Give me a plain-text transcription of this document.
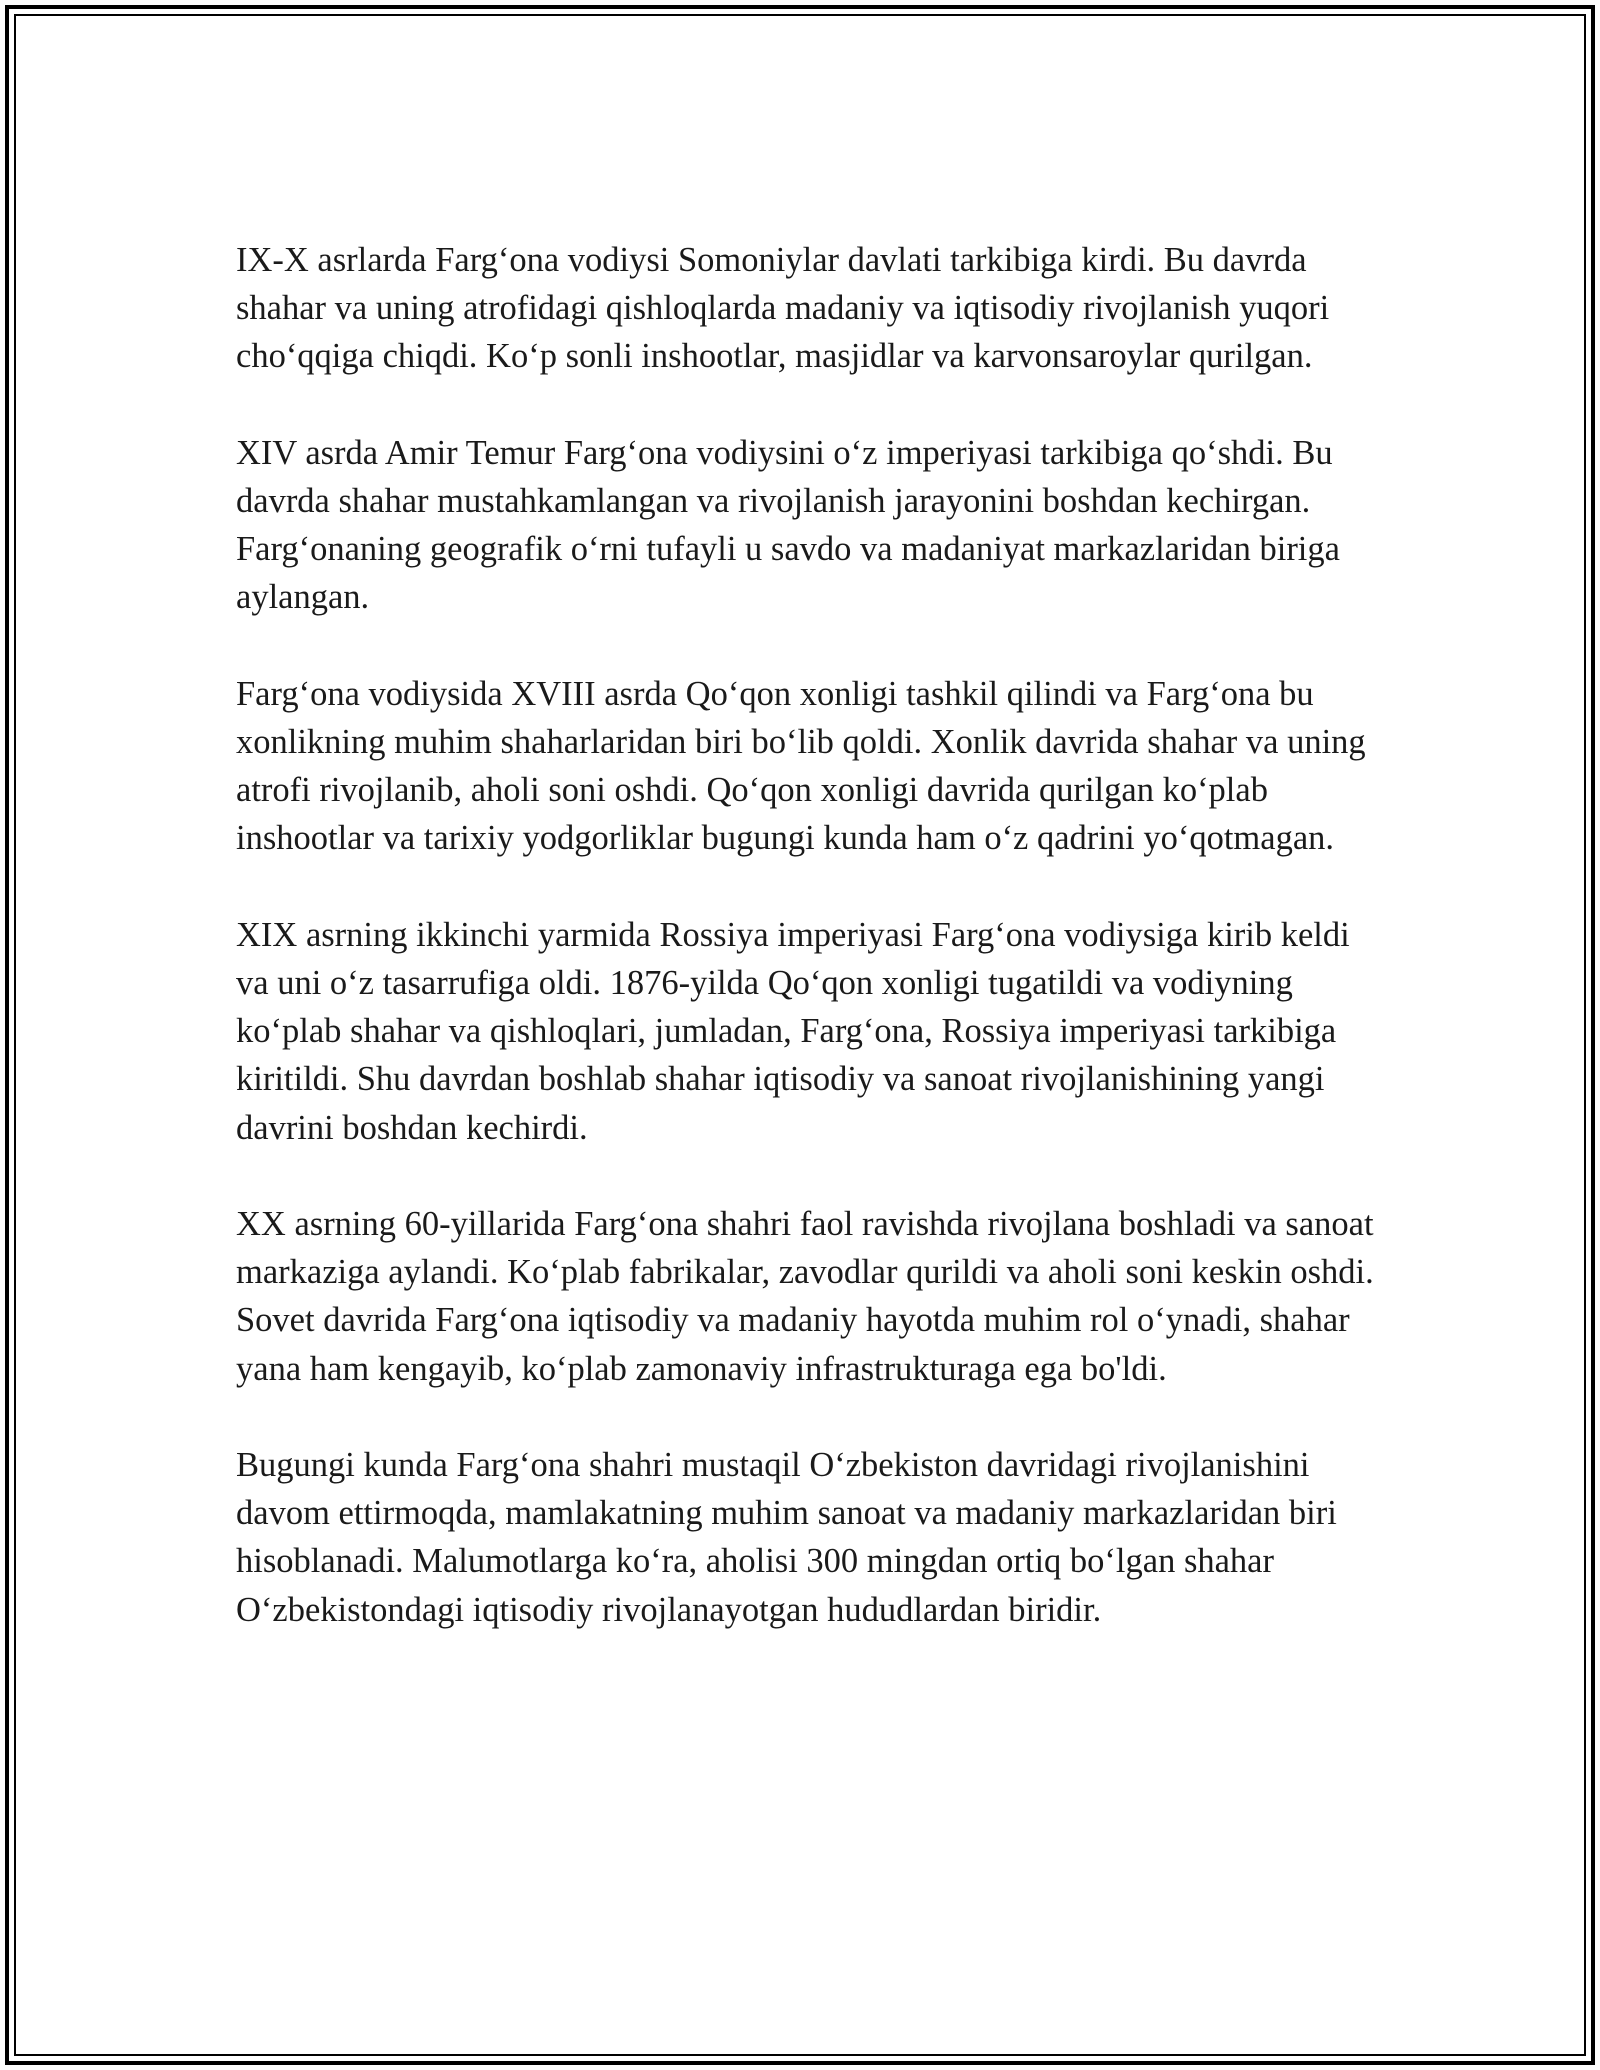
IX-X asrlarda Farg‘ona vodiysi Somoniylar davlati tarkibiga kirdi. Bu davrda shahar va uning atrofidagi qishloqlarda madaniy va iqtisodiy rivojlanish yuqori cho‘qqiga chiqdi. Ko‘p sonli inshootlar, masjidlar va karvonsaroylar qurilgan.

XIV asrda Amir Temur Farg‘ona vodiysini o‘z imperiyasi tarkibiga qo‘shdi. Bu davrda shahar mustahkamlangan va rivojlanish jarayonini boshdan kechirgan. Farg‘onaning geografik o‘rni tufayli u savdo va madaniyat markazlaridan biriga aylangan.

Farg‘ona vodiysida XVIII asrda Qo‘qon xonligi tashkil qilindi va Farg‘ona bu xonlikning muhim shaharlaridan biri bo‘lib qoldi. Xonlik davrida shahar va uning atrofi rivojlanib, aholi soni oshdi. Qo‘qon xonligi davrida qurilgan ko‘plab inshootlar va tarixiy yodgorliklar bugungi kunda ham o‘z qadrini yo‘qotmagan.

XIX asrning ikkinchi yarmida Rossiya imperiyasi Farg‘ona vodiysiga kirib keldi va uni o‘z tasarrufiga oldi. 1876-yilda Qo‘qon xonligi tugatildi va vodiyning ko‘plab shahar va qishloqlari, jumladan, Farg‘ona, Rossiya imperiyasi tarkibiga kiritildi. Shu davrdan boshlab shahar iqtisodiy va sanoat rivojlanishining yangi davrini boshdan kechirdi.

XX asrning 60-yillarida Farg‘ona shahri faol ravishda rivojlana boshladi va sanoat markaziga aylandi. Ko‘plab fabrikalar, zavodlar qurildi va aholi soni keskin oshdi. Sovet davrida Farg‘ona iqtisodiy va madaniy hayotda muhim rol o‘ynadi, shahar yana ham kengayib, ko‘plab zamonaviy infrastrukturaga ega bo'ldi.

Bugungi kunda Farg‘ona shahri mustaqil O‘zbekiston davridagi rivojlanishini davom ettirmoqda, mamlakatning muhim sanoat va madaniy markazlaridan biri hisoblanadi. Malumotlarga ko‘ra, aholisi 300 mingdan ortiq bo‘lgan shahar O‘zbekistondagi iqtisodiy rivojlanayotgan hududlardan biridir.
